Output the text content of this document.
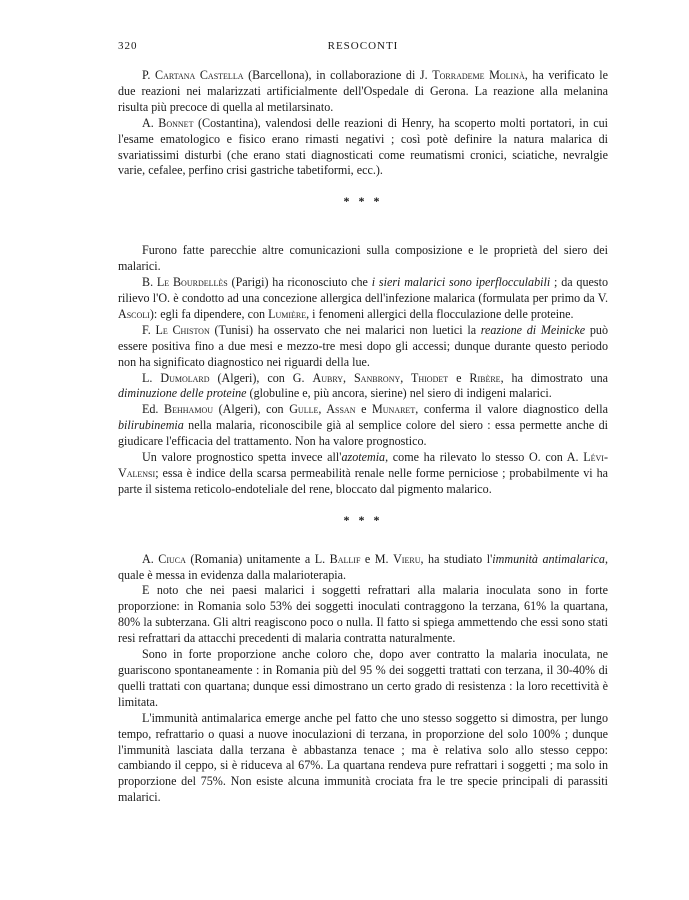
320	RESOCONTI

P. Cartana Castella (Barcellona), in collaborazione di J. Torrademe Molinà, ha verificato le due reazioni nei malarizzati artificialmente dell'Ospedale di Gerona. La reazione alla melanina risulta più precoce di quella al metilarsinato.

A. Bonnet (Costantina), valendosi delle reazioni di Henry, ha scoperto molti portatori, in cui l'esame ematologico e fisico erano rimasti negativi ; così potè definire la natura malarica di svariatissimi disturbi (che erano stati diagnosticati come reumatismi cronici, sciatiche, nevralgie varie, cefalee, perfino crisi gastriche tabetiformi, ecc.).

* * *

Furono fatte parecchie altre comunicazioni sulla composizione e le proprietà del siero dei malarici.

B. Le Bourdellès (Parigi) ha riconosciuto che i sieri malarici sono iperflocculabili ; da questo rilievo l'O. è condotto ad una concezione allergica dell'infezione malarica (formulata per primo da V. Ascoli): egli fa dipendere, con Lumière, i fenomeni allergici della flocculazione delle proteine.

F. Le Chiston (Tunisi) ha osservato che nei malarici non luetici la reazione di Meinicke può essere positiva fino a due mesi e mezzo-tre mesi dopo gli accessi; dunque durante questo periodo non ha significato diagnostico nei riguardi della lue.

L. Dumolard (Algeri), con G. Aubry, Sanbrony, Thiodet e Ribère, ha dimostrato una diminuzione delle proteine (globuline e, più ancora, sierine) nel siero di indigeni malarici.

Ed. Behhamou (Algeri), con Gulle, Assan e Munaret, conferma il valore diagnostico della bilirubinemia nella malaria, riconoscibile già al semplice colore del siero : essa permette anche di giudicare l'efficacia del trattamento. Non ha valore prognostico.

Un valore prognostico spetta invece all'azotemia, come ha rilevato lo stesso O. con A. Lévi-Valensi; essa è indice della scarsa permeabilità renale nelle forme perniciose ; probabilmente vi ha parte il sistema reticolo-endoteliale del rene, bloccato dal pigmento malarico.

* * *

A. Ciuca (Romania) unitamente a L. Ballif e M. Vieru, ha studiato l'immunità antimalarica, quale è messa in evidenza dalla malarioterapia.

E noto che nei paesi malarici i soggetti refrattari alla malaria inoculata sono in forte proporzione: in Romania solo 53% dei soggetti inoculati contraggono la terzana, 61% la quartana, 80% la subterzana. Gli altri reagiscono poco o nulla. Il fatto si spiega ammettendo che essi sono stati resi refrattari da attacchi precedenti di malaria contratta naturalmente.

Sono in forte proporzione anche coloro che, dopo aver contratto la malaria inoculata, ne guariscono spontaneamente : in Romania più del 95 % dei soggetti trattati con terzana, il 30-40% di quelli trattati con quartana; dunque essi dimostrano un certo grado di resistenza : la loro recettività è limitata.

L'immunità antimalarica emerge anche pel fatto che uno stesso soggetto si dimostra, per lungo tempo, refrattario o quasi a nuove inoculazioni di terzana, in proporzione del solo 100% ; dunque l'immunità lasciata dalla terzana è abbastanza tenace ; ma è relativa solo allo stesso ceppo: cambiando il ceppo, si è riduceva al 67%. La quartana rendeva pure refrattari i soggetti ; ma solo in proporzione del 75%. Non esiste alcuna immunità crociata fra le tre specie principali di parassiti malarici.
